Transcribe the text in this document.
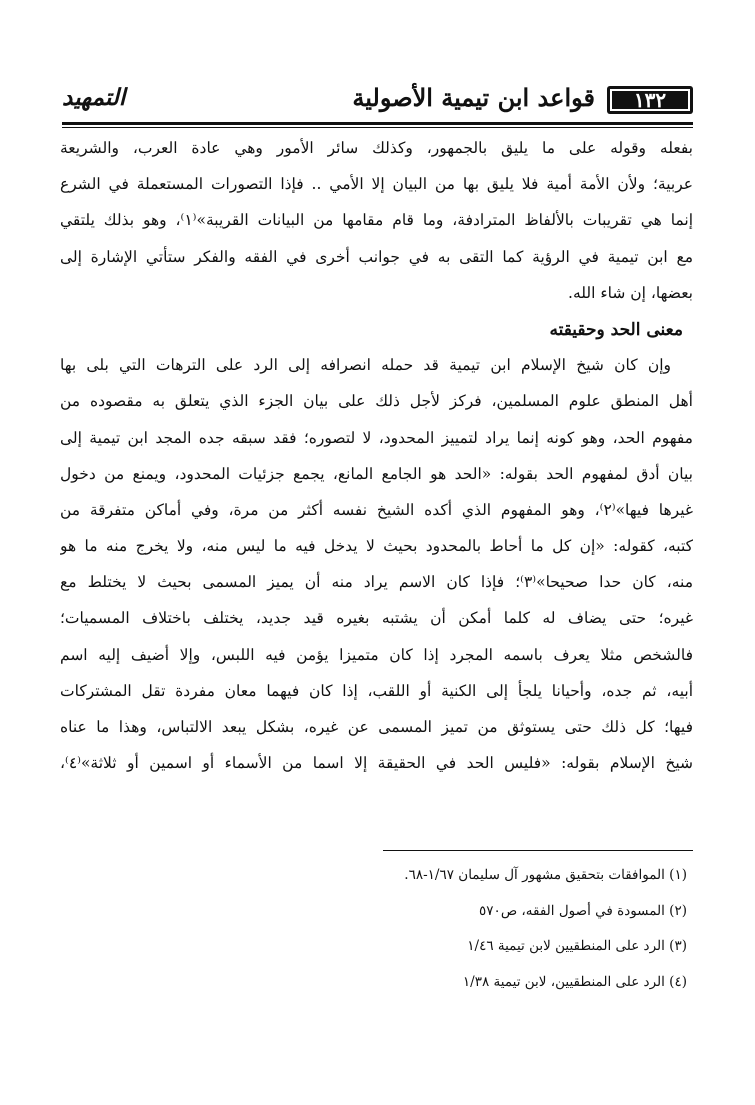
١٣٢
قواعد ابن تيمية الأصولية
التمهيد
بفعله وقوله على ما يليق بالجمهور، وكذلك سائر الأمور وهي عادة العرب، والشريعة
عربية؛ ولأن الأمة أمية فلا يليق بها من البيان إلا الأمي .. فإذا التصورات المستعملة في الشرع
إنما هي تقريبات بالألفاظ المترادفة، وما قام مقامها من البيانات القريبة»⁽١⁾، وهو بذلك يلتقي
مع ابن تيمية في الرؤية كما التقى به في جوانب أخرى في الفقه والفكر ستأتي الإشارة إلى
بعضها، إن شاء الله.
معنى الحد وحقيقته
وإن كان شيخ الإسلام ابن تيمية قد حمله انصرافه إلى الرد على الترهات التي بلى بها
أهل المنطق علوم المسلمين، فركز لأجل ذلك على بيان الجزء الذي يتعلق به مقصوده من
مفهوم الحد، وهو كونه إنما يراد لتمييز المحدود، لا لتصوره؛ فقد سبقه جده المجد ابن تيمية إلى
بيان أدق لمفهوم الحد بقوله: «الحد هو الجامع المانع، يجمع جزئيات المحدود، ويمنع من دخول
غيرها فيها»⁽٢⁾، وهو المفهوم الذي أكده الشيخ نفسه أكثر من مرة، وفي أماكن متفرقة من
كتبه، كقوله: «إن كل ما أحاط بالمحدود بحيث لا يدخل فيه ما ليس منه، ولا يخرج منه ما هو
منه، كان حدا صحيحا»⁽٣⁾؛ فإذا كان الاسم يراد منه أن يميز المسمى بحيث لا يختلط مع
غيره؛ حتى يضاف له كلما أمكن أن يشتبه بغيره قيد جديد، يختلف باختلاف المسميات؛
فالشخص مثلا يعرف باسمه المجرد إذا كان متميزا يؤمن فيه اللبس، وإلا أضيف إليه اسم
أبيه، ثم جده، وأحيانا يلجأ إلى الكنية أو اللقب، إذا كان فيهما معان مفردة تقل المشتركات
فيها؛ كل ذلك حتى يستوثق من تميز المسمى عن غيره، بشكل يبعد الالتباس، وهذا ما عناه
شيخ الإسلام بقوله: «فليس الحد في الحقيقة إلا اسما من الأسماء أو اسمين أو ثلاثة»⁽٤⁾،
(١) الموافقات بتحقيق مشهور آل سليمان ١/٦٧-٦٨.
(٢) المسودة في أصول الفقه، ص٥٧٠
(٣) الرد على المنطقيين لابن تيمية ١/٤٦
(٤) الرد على المنطقيين، لابن تيمية ١/٣٨
